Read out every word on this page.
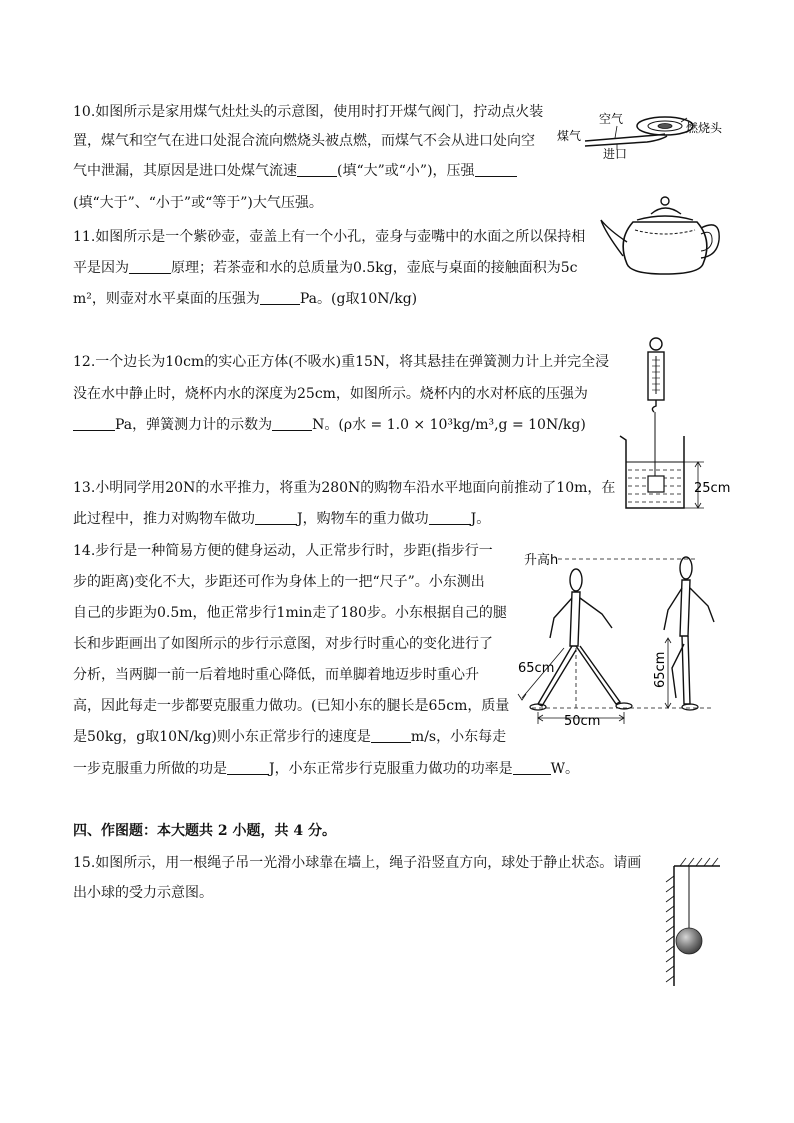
10.如图所示是家用煤气灶灶头的示意图，使用时打开煤气阀门，拧动点火装
置，煤气和空气在进口处混合流向燃烧头被点燃，而煤气不会从进口处向空
气中泄漏，其原因是进口处煤气流速	(填“大”或“小”)，压强
(填“大于”、“小于”或“等于”)大气压强。
空气
煤气
进口
燃烧头
11.如图所示是一个紫砂壶，壶盖上有一个小孔，壶身与壶嘴中的水面之所以保持相
平是因为	原理；若茶壶和水的总质量为0.5kg，壶底与桌面的接触面积为5c
m²，则壶对水平桌面的压强为	Pa。(g取10N/kg)
12.一个边长为10cm的实心正方体(不吸水)重15N，将其悬挂在弹簧测力计上并完全浸
没在水中静止时，烧杯内水的深度为25cm，如图所示。烧杯内的水对杯底的压强为
Pa，弹簧测力计的示数为	N。(ρ水 = 1.0 × 10³kg/m³,g = 10N/kg)
25cm
13.小明同学用20N的水平推力，将重为280N的购物车沿水平地面向前推动了10m，在
此过程中，推力对购物车做功	J，购物车的重力做功	J。
14.步行是一种简易方便的健身运动，人正常步行时，步距(指步行一
步的距离)变化不大，步距还可作为身体上的一把“尺子”。小东测出
自己的步距为0.5m，他正常步行1min走了180步。小东根据自己的腿
长和步距画出了如图所示的步行示意图，对步行时重心的变化进行了
分析，当两脚一前一后着地时重心降低，而单脚着地迈步时重心升
高，因此每走一步都要克服重力做功。(已知小东的腿长是65cm，质量
是50kg，g取10N/kg)则小东正常步行的速度是	m/s，小东每走
一步克服重力所做的功是	J，小东正常步行克服重力做功的功率是	W。
升高h
65cm
50cm
65cm
四、作图题：本大题共 2 小题，共 4 分。
15.如图所示，用一根绳子吊一光滑小球靠在墙上，绳子沿竖直方向，球处于静止状态。请画
出小球的受力示意图。
